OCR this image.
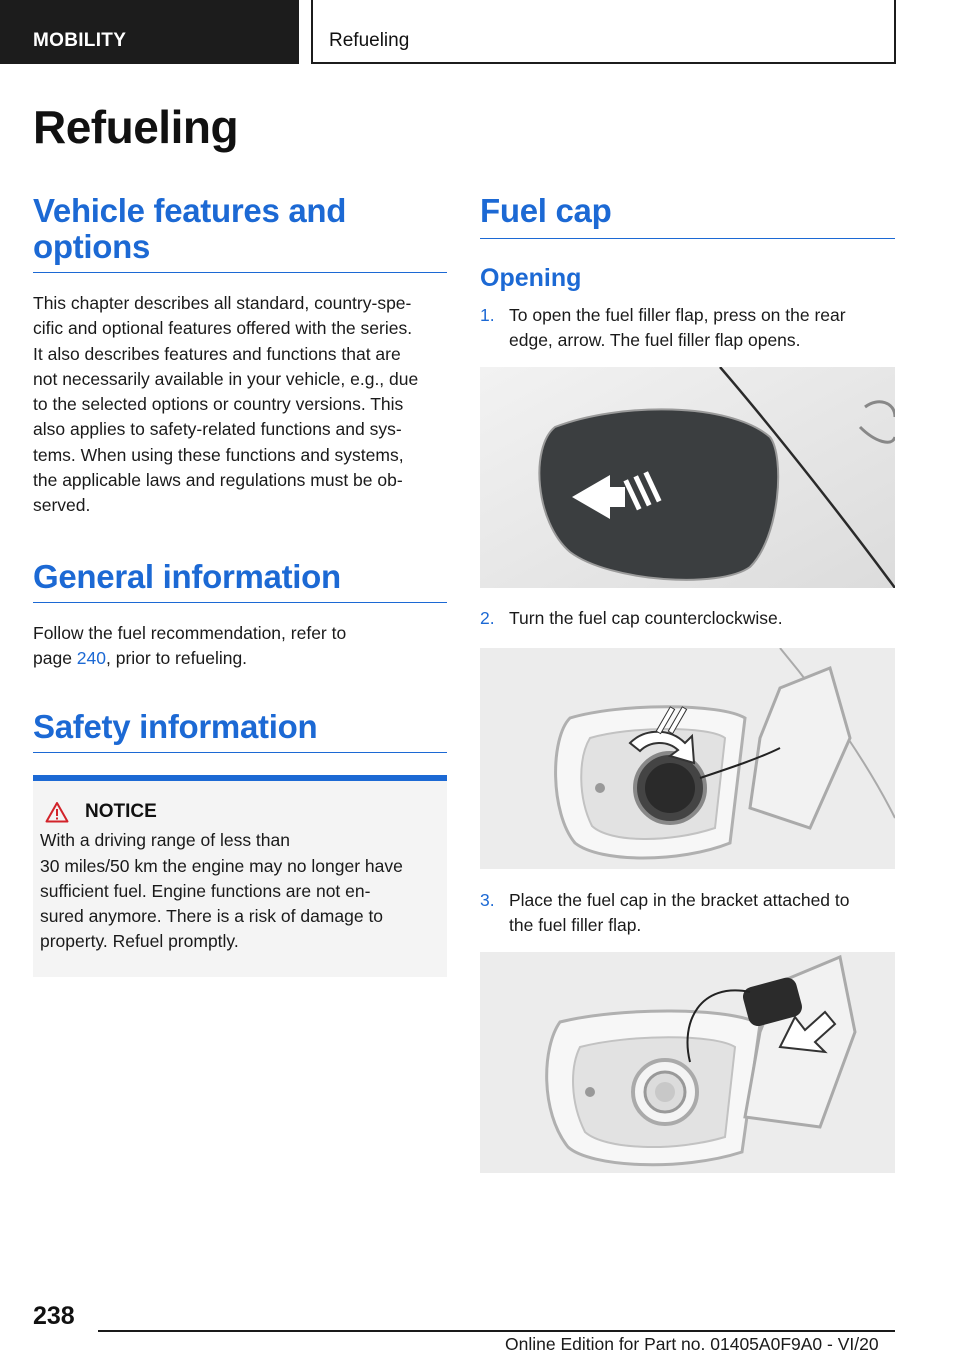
MOBILITY	Refueling
Refueling
Vehicle features and options

This chapter describes all standard, country-spe-
cific and optional features offered with the series.
It also describes features and functions that are
not necessarily available in your vehicle, e.g., due
to the selected options or country versions. This
also applies to safety-related functions and sys-
tems. When using these functions and systems,
the applicable laws and regulations must be ob-
served.

General information

Follow the fuel recommendation, refer to
page 240, prior to refueling.

Safety information
NOTICE

With a driving range of less than
30 miles/50 km the engine may no longer have
sufficient fuel. Engine functions are not en-
sured anymore. There is a risk of damage to
property. Refuel promptly.

Fuel cap
Opening
1. To open the fuel filler flap, press on the rear
edge, arrow. The fuel filler flap opens.
2. Turn the fuel cap counterclockwise.
3. Place the fuel cap in the bracket attached to
the fuel filler flap.
238
Online Edition for Part no. 01405A0F9A0 - VI/20
